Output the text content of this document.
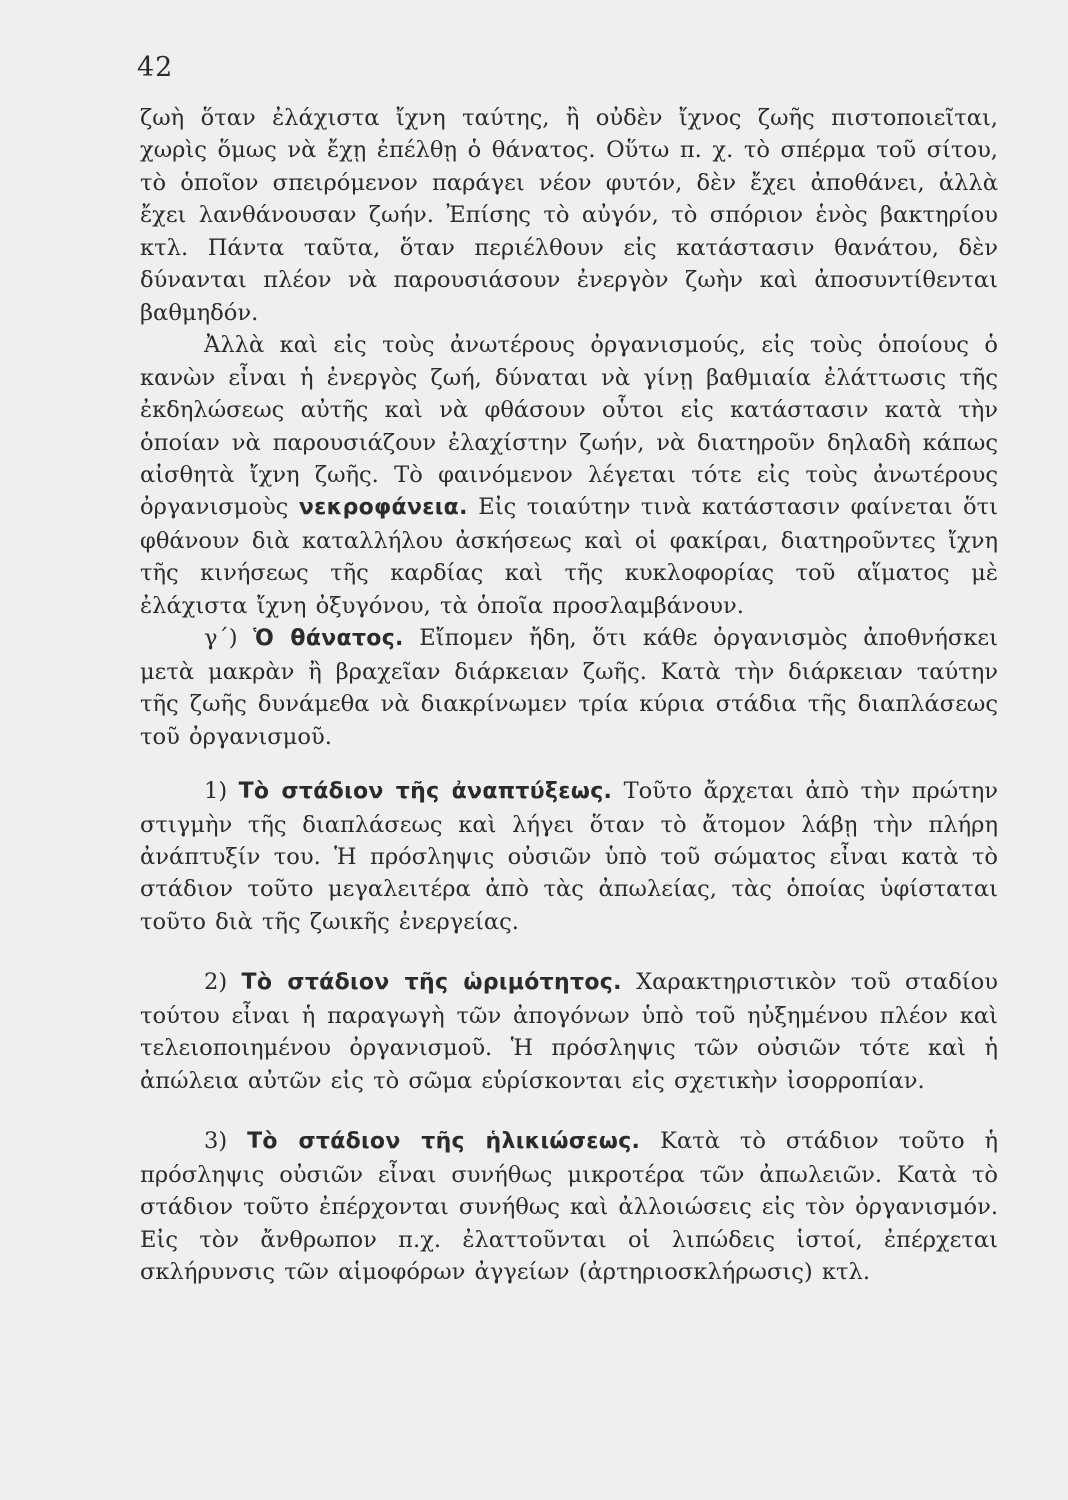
42

ζωὴ ὅταν ἐλάχιστα ἴχνη ταύτης, ἢ οὐδὲν ἴχνος ζωῆς πιστοποιεῖται, χωρὶς ὅμως νὰ ἔχῃ ἐπέλθῃ ὁ θάνατος. Οὕτω π. χ. τὸ σπέρμα τοῦ σίτου, τὸ ὁποῖον σπειρόμενον παράγει νέον φυτόν, δὲν ἔχει ἀποθάνει, ἀλλὰ ἔχει λανθάνουσαν ζωήν. Ἐπίσης τὸ αὐγόν, τὸ σπόριον ἑνὸς βακτηρίου κτλ. Πάντα ταῦτα, ὅταν περιέλθουν εἰς κατάστασιν θανάτου, δὲν δύνανται πλέον νὰ παρουσιάσουν ἐνεργὸν ζωὴν καὶ ἀποσυντίθενται βαθμηδόν.

Ἀλλὰ καὶ εἰς τοὺς ἀνωτέρους ὀργανισμούς, εἰς τοὺς ὁποίους ὁ κανὼν εἶναι ἡ ἐνεργὸς ζωή, δύναται νὰ γίνῃ βαθμιαία ἐλάττωσις τῆς ἐκδηλώσεως αὐτῆς καὶ νὰ φθάσουν οὗτοι εἰς κατάστασιν κατὰ τὴν ὁποίαν νὰ παρουσιάζουν ἐλαχίστην ζωήν, νὰ διατηροῦν δηλαδὴ κάπως αἰσθητὰ ἴχνη ζωῆς. Τὸ φαινόμενον λέγεται τότε εἰς τοὺς ἀνωτέρους ὀργανισμοὺς νεκροφάνεια. Εἰς τοιαύτην τινὰ κατάστασιν φαίνεται ὅτι φθάνουν διὰ καταλλήλου ἀσκήσεως καὶ οἱ φακίραι, διατηροῦντες ἴχνη τῆς κινήσεως τῆς καρδίας καὶ τῆς κυκλοφορίας τοῦ αἵματος μὲ ἐλάχιστα ἴχνη ὀξυγόνου, τὰ ὁποῖα προσλαμβάνουν.

γ΄) Ὁ θάνατος. Εἴπομεν ἤδη, ὅτι κάθε ὀργανισμὸς ἀποθνήσκει μετὰ μακρὰν ἢ βραχεῖαν διάρκειαν ζωῆς. Κατὰ τὴν διάρκειαν ταύτην τῆς ζωῆς δυνάμεθα νὰ διακρίνωμεν τρία κύρια στάδια τῆς διαπλάσεως τοῦ ὀργανισμοῦ.

1) Τὸ στάδιον τῆς ἀναπτύξεως. Τοῦτο ἄρχεται ἀπὸ τὴν πρώτην στιγμὴν τῆς διαπλάσεως καὶ λήγει ὅταν τὸ ἄτομον λάβῃ τὴν πλήρη ἀνάπτυξίν του. Ἡ πρόσληψις οὐσιῶν ὑπὸ τοῦ σώματος εἶναι κατὰ τὸ στάδιον τοῦτο μεγαλειτέρα ἀπὸ τὰς ἀπωλείας, τὰς ὁποίας ὑφίσταται τοῦτο διὰ τῆς ζωικῆς ἐνεργείας.

2) Τὸ στάδιον τῆς ὡριμότητος. Χαρακτηριστικὸν τοῦ σταδίου τούτου εἶναι ἡ παραγωγὴ τῶν ἀπογόνων ὑπὸ τοῦ ηὐξημένου πλέον καὶ τελειοποιημένου ὀργανισμοῦ. Ἡ πρόσληψις τῶν οὐσιῶν τότε καὶ ἡ ἀπώλεια αὐτῶν εἰς τὸ σῶμα εὑρίσκονται εἰς σχετικὴν ἰσορροπίαν.

3) Τὸ στάδιον τῆς ἡλικιώσεως. Κατὰ τὸ στάδιον τοῦτο ἡ πρόσληψις οὐσιῶν εἶναι συνήθως μικροτέρα τῶν ἀπωλειῶν. Κατὰ τὸ στάδιον τοῦτο ἐπέρχονται συνήθως καὶ ἀλλοιώσεις εἰς τὸν ὀργανισμόν. Εἰς τὸν ἄνθρωπον π.χ. ἐλαττοῦνται οἱ λιπώδεις ἱστοί, ἐπέρχεται σκλήρυνσις τῶν αἱμοφόρων ἀγγείων (ἀρτηριοσκλήρωσις) κτλ.
